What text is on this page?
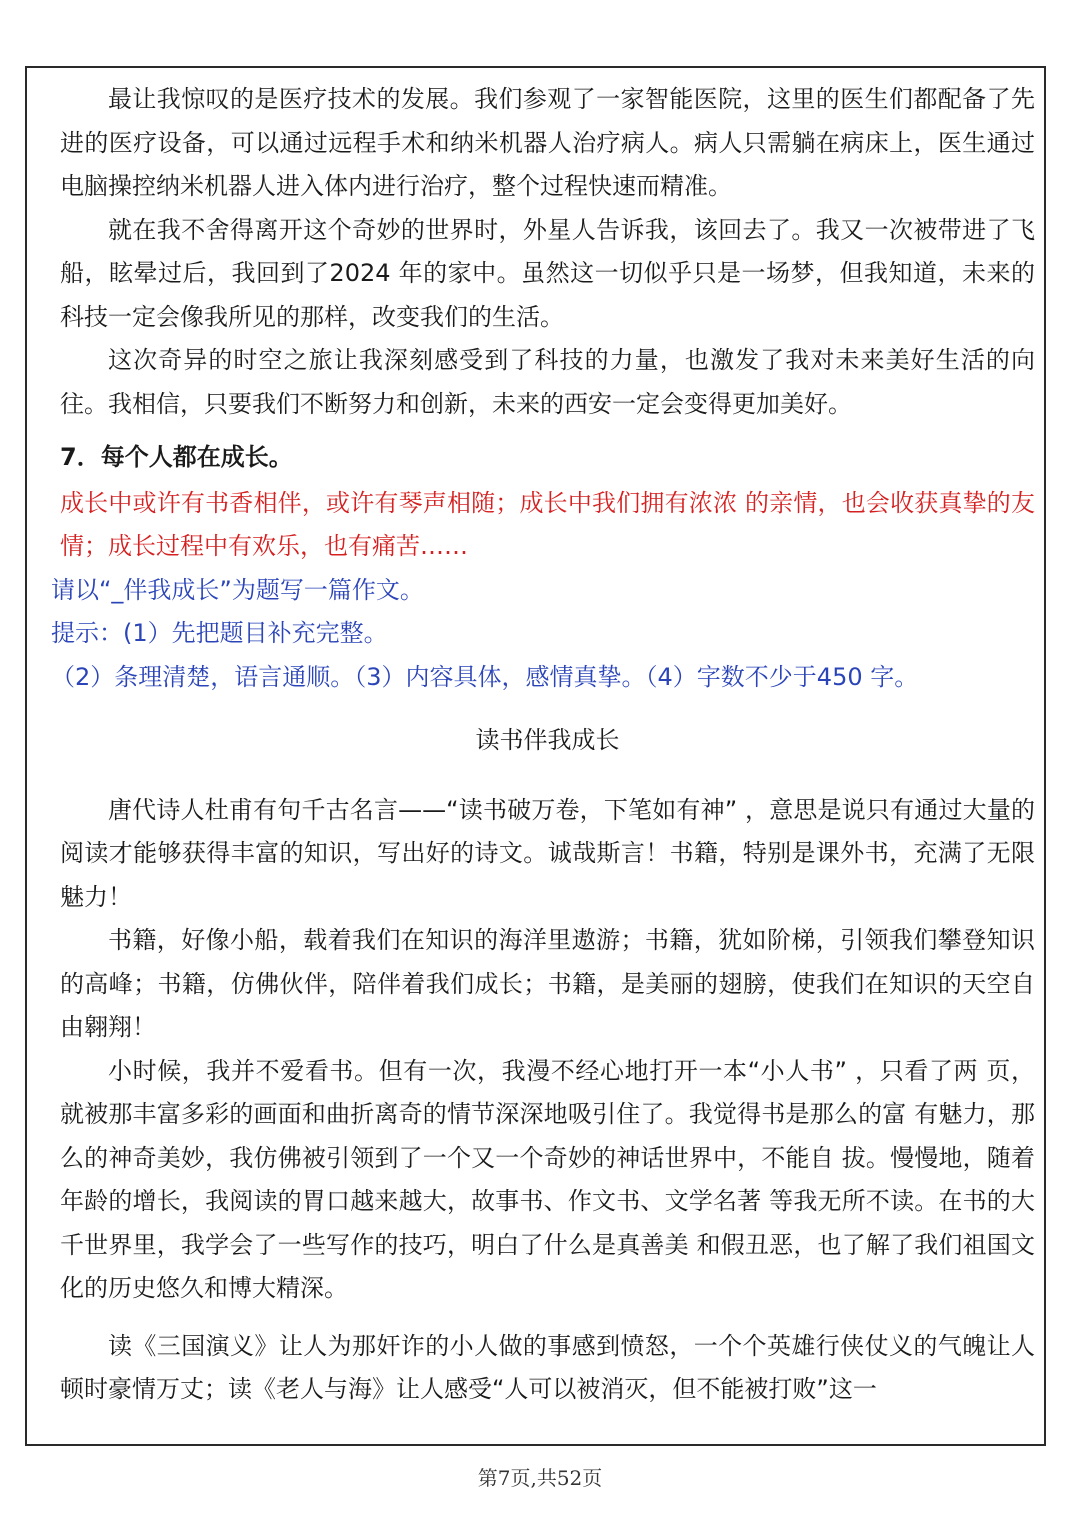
最让我惊叹的是医疗技术的发展。我们参观了一家智能医院，这里的医生们都配备了先进的医疗设备，可以通过远程手术和纳米机器人治疗病人。病人只需躺在病床上，医生通过电脑操控纳米机器人进入体内进行治疗，整个过程快速而精准。

就在我不舍得离开这个奇妙的世界时，外星人告诉我，该回去了。我又一次被带进了飞船，眩晕过后，我回到了2024 年的家中。虽然这一切似乎只是一场梦，但我知道，未来的科技一定会像我所见的那样，改变我们的生活。

这次奇异的时空之旅让我深刻感受到了科技的力量，也激发了我对未来美好生活的向往。我相信，只要我们不断努力和创新，未来的西安一定会变得更加美好。

7．每个人都在成长。

成长中或许有书香相伴，或许有琴声相随；成长中我们拥有浓浓 的亲情，也会收获真挚的友情；成长过程中有欢乐，也有痛苦……

请以“_伴我成长”为题写一篇作文。

提示：(1）先把题目补充完整。

（2）条理清楚，语言通顺。（3）内容具体，感情真挚。（4）字数不少于450 字。

读书伴我成长

唐代诗人杜甫有句千古名言——“读书破万卷，下笔如有神” ，意思是说只有通过大量的阅读才能够获得丰富的知识，写出好的诗文。诚哉斯言！书籍，特别是课外书，充满了无限魅力！

书籍，好像小船，载着我们在知识的海洋里遨游；书籍，犹如阶梯，引领我们攀登知识的高峰；书籍，仿佛伙伴，陪伴着我们成长；书籍，是美丽的翅膀，使我们在知识的天空自由翱翔！

小时候，我并不爱看书。但有一次，我漫不经心地打开一本“小人书” ，只看了两 页，就被那丰富多彩的画面和曲折离奇的情节深深地吸引住了。我觉得书是那么的富 有魅力，那么的神奇美妙，我仿佛被引领到了一个又一个奇妙的神话世界中，不能自 拔。慢慢地，随着年龄的增长，我阅读的胃口越来越大，故事书、作文书、文学名著 等我无所不读。在书的大千世界里，我学会了一些写作的技巧，明白了什么是真善美 和假丑恶，也了解了我们祖国文化的历史悠久和博大精深。

读《三国演义》让人为那奸诈的小人做的事感到愤怒，一个个英雄行侠仗义的气魄让人顿时豪情万丈；读《老人与海》让人感受“人可以被消灭，但不能被打败”这一

第7页,共52页
